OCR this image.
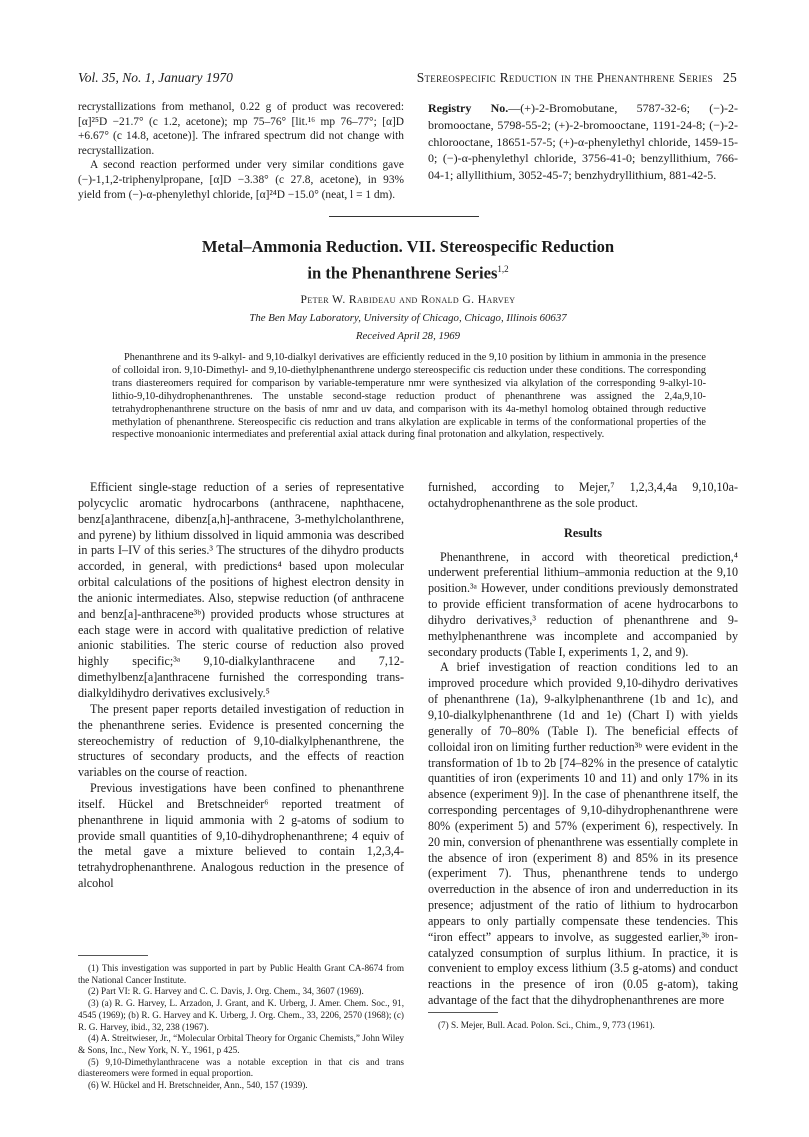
Vol. 35, No. 1, January 1970	Stereospecific Reduction in the Phenanthrene Series 25

recrystallizations from methanol, 0.22 g of product was recovered: [α]²⁵D −21.7° (c 1.2, acetone); mp 75–76° [lit.¹⁶ mp 76–77°; [α]D +6.67° (c 14.8, acetone)]. The infrared spectrum did not change with recrystallization.

A second reaction performed under very similar conditions gave (−)-1,1,2-triphenylpropane, [α]D −3.38° (c 27.8, acetone), in 93% yield from (−)-α-phenylethyl chloride, [α]²⁴D −15.0° (neat, l = 1 dm).

Registry No.—(+)-2-Bromobutane, 5787-32-6; (−)-2-bromooctane, 5798-55-2; (+)-2-bromooctane, 1191-24-8; (−)-2-chlorooctane, 18651-57-5; (+)-α-phenylethyl chloride, 1459-15-0; (−)-α-phenylethyl chloride, 3756-41-0; benzyllithium, 766-04-1; allyllithium, 3052-45-7; benzhydryllithium, 881-42-5.

Metal–Ammonia Reduction. VII. Stereospecific Reduction
in the Phenanthrene Series$^{1,2}$

Peter W. Rabideau and Ronald G. Harvey
The Ben May Laboratory, University of Chicago, Chicago, Illinois 60637
Received April 28, 1969
Phenanthrene and its 9-alkyl- and 9,10-dialkyl derivatives are efficiently reduced in the 9,10 position by lithium in ammonia in the presence of colloidal iron. 9,10-Dimethyl- and 9,10-diethylphenanthrene undergo stereospecific cis reduction under these conditions. The corresponding trans diastereomers required for comparison by variable-temperature nmr were synthesized via alkylation of the corresponding 9-alkyl-10-lithio-9,10-dihydrophenanthrenes. The unstable second-stage reduction product of phenanthrene was assigned the 2,4a,9,10-tetrahydrophenanthrene structure on the basis of nmr and uv data, and comparison with its 4a-methyl homolog obtained through reductive methylation of phenanthrene. Stereospecific cis reduction and trans alkylation are explicable in terms of the conformational properties of the respective monoanionic intermediates and preferential axial attack during final protonation and alkylation, respectively.

Efficient single-stage reduction of a series of representative polycyclic aromatic hydrocarbons (anthracene, naphthacene, benz[a]anthracene, dibenz[a,h]-anthracene, 3-methylcholanthrene, and pyrene) by lithium dissolved in liquid ammonia was described in parts I–IV of this series.³ The structures of the dihydro products accorded, in general, with predictions⁴ based upon molecular orbital calculations of the positions of highest electron density in the anionic intermediates. Also, stepwise reduction (of anthracene and benz[a]-anthracene³ᵇ) provided products whose structures at each stage were in accord with qualitative prediction of relative anionic stabilities. The steric course of reduction also proved highly specific;³ᵃ 9,10-dialkylanthracene and 7,12-dimethylbenz[a]anthracene furnished the corresponding trans-dialkyldihydro derivatives exclusively.⁵

The present paper reports detailed investigation of reduction in the phenanthrene series. Evidence is presented concerning the stereochemistry of reduction of 9,10-dialkylphenanthrene, the structures of secondary products, and the effects of reaction variables on the course of reaction.

Previous investigations have been confined to phenanthrene itself. Hückel and Bretschneider⁶ reported treatment of phenanthrene in liquid ammonia with 2 g-atoms of sodium to provide small quantities of 9,10-dihydrophenanthrene; 4 equiv of the metal gave a mixture believed to contain 1,2,3,4-tetrahydrophenanthrene. Analogous reduction in the presence of alcohol

furnished, according to Mejer,⁷ 1,2,3,4,4a 9,10,10a-octahydrophenanthrene as the sole product.

Results

Phenanthrene, in accord with theoretical prediction,⁴ underwent preferential lithium–ammonia reduction at the 9,10 position.³ᵃ However, under conditions previously demonstrated to provide efficient transformation of acene hydrocarbons to dihydro derivatives,³ reduction of phenanthrene and 9-methylphenanthrene was incomplete and accompanied by secondary products (Table I, experiments 1, 2, and 9).

A brief investigation of reaction conditions led to an improved procedure which provided 9,10-dihydro derivatives of phenanthrene (1a), 9-alkylphenanthrene (1b and 1c), and 9,10-dialkylphenanthrene (1d and 1e) (Chart I) with yields generally of 70–80% (Table I). The beneficial effects of colloidal iron on limiting further reduction³ᵇ were evident in the transformation of 1b to 2b [74–82% in the presence of catalytic quantities of iron (experiments 10 and 11) and only 17% in its absence (experiment 9)]. In the case of phenanthrene itself, the corresponding percentages of 9,10-dihydrophenanthrene were 80% (experiment 5) and 57% (experiment 6), respectively. In 20 min, conversion of phenanthrene was essentially complete in the absence of iron (experiment 8) and 85% in its presence (experiment 7). Thus, phenanthrene tends to undergo overreduction in the absence of iron and underreduction in its presence; adjustment of the ratio of lithium to hydrocarbon appears to only partially compensate these tendencies. This “iron effect” appears to involve, as suggested earlier,³ᵇ iron-catalyzed consumption of surplus lithium. In practice, it is convenient to employ excess lithium (3.5 g-atoms) and conduct reactions in the presence of iron (0.05 g-atom), taking advantage of the fact that the dihydrophenanthrenes are more

(1) This investigation was supported in part by Public Health Grant CA-8674 from the National Cancer Institute.

(2) Part VI: R. G. Harvey and C. C. Davis, J. Org. Chem., 34, 3607 (1969).

(3) (a) R. G. Harvey, L. Arzadon, J. Grant, and K. Urberg, J. Amer. Chem. Soc., 91, 4545 (1969); (b) R. G. Harvey and K. Urberg, J. Org. Chem., 33, 2206, 2570 (1968); (c) R. G. Harvey, ibid., 32, 238 (1967).

(4) A. Streitwieser, Jr., “Molecular Orbital Theory for Organic Chemists,” John Wiley & Sons, Inc., New York, N. Y., 1961, p 425.

(5) 9,10-Dimethylanthracene was a notable exception in that cis and trans diastereomers were formed in equal proportion.

(6) W. Hückel and H. Bretschneider, Ann., 540, 157 (1939).

(7) S. Mejer, Bull. Acad. Polon. Sci., Chim., 9, 773 (1961).
